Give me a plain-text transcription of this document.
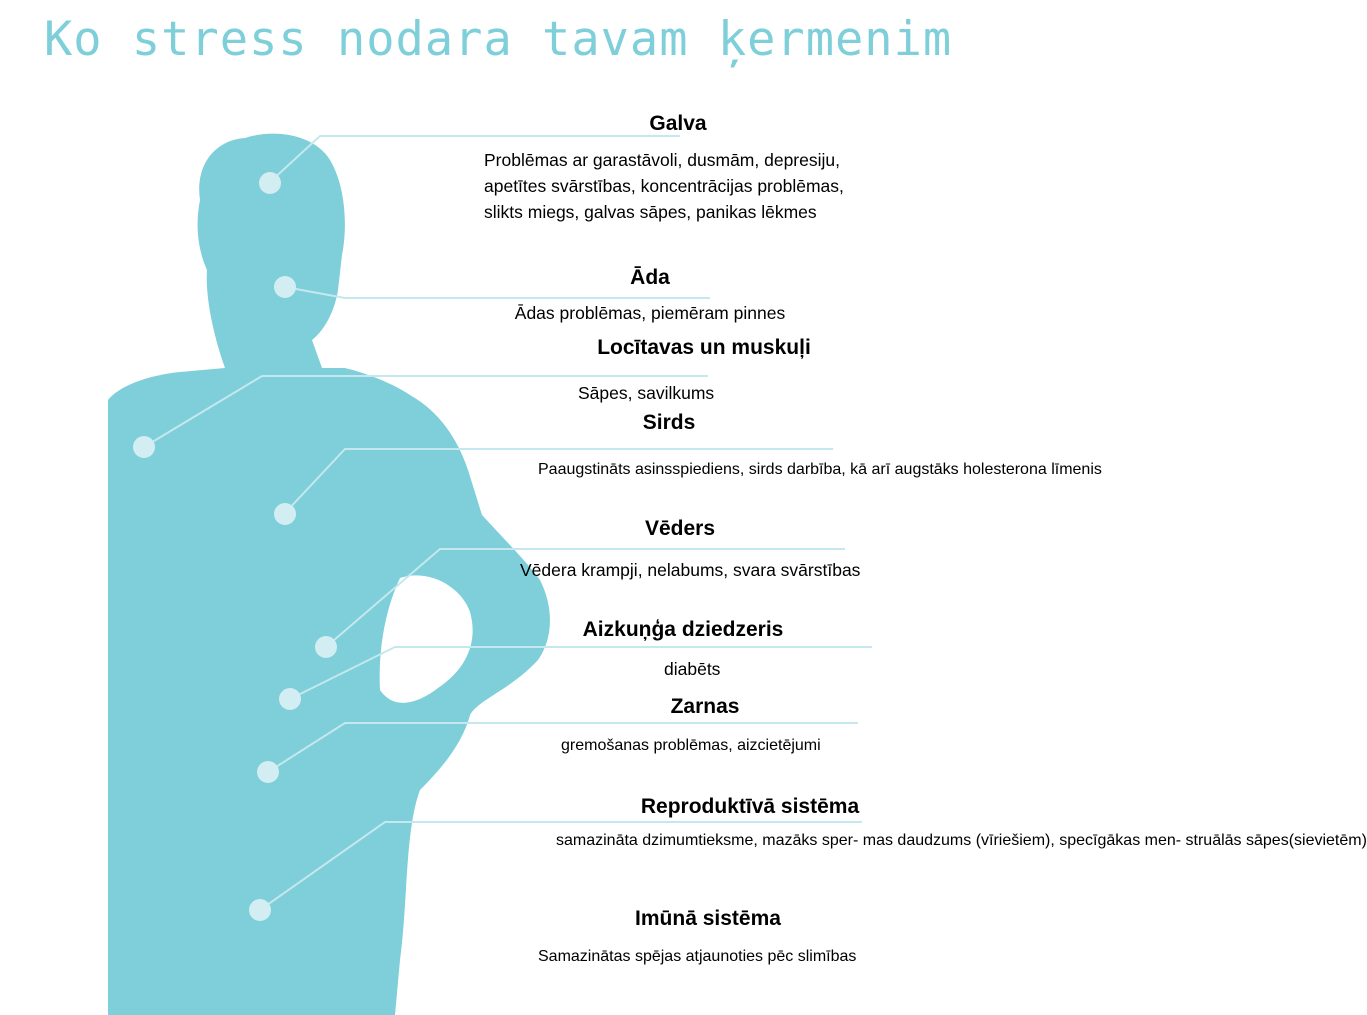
Ko stress nodara tavam ķermenim
Galva

Problēmas ar garastāvoli, dusmām, depresiju,
apetītes svārstības, koncentrācijas problēmas,
slikts miegs, galvas sāpes, panikas lēkmes

Āda

Ādas problēmas, piemēram pinnes

Locītavas un muskuļi

Sāpes, savilkums

Sirds

Paaugstināts asinsspiediens, sirds darbība, kā arī augstāks holesterona līmenis

Vēders

Vēdera krampji, nelabums, svara svārstības

Aizkuņģa dziedzeris

diabēts

Zarnas

gremošanas problēmas, aizcietējumi

Reproduktīvā sistēma

samazināta dzimumtieksme, mazāks sper- mas daudzums (vīriešiem), specīgākas men- struālās sāpes(sievietēm)

Imūnā sistēma

Samazinātas spējas atjaunoties pēc slimības
